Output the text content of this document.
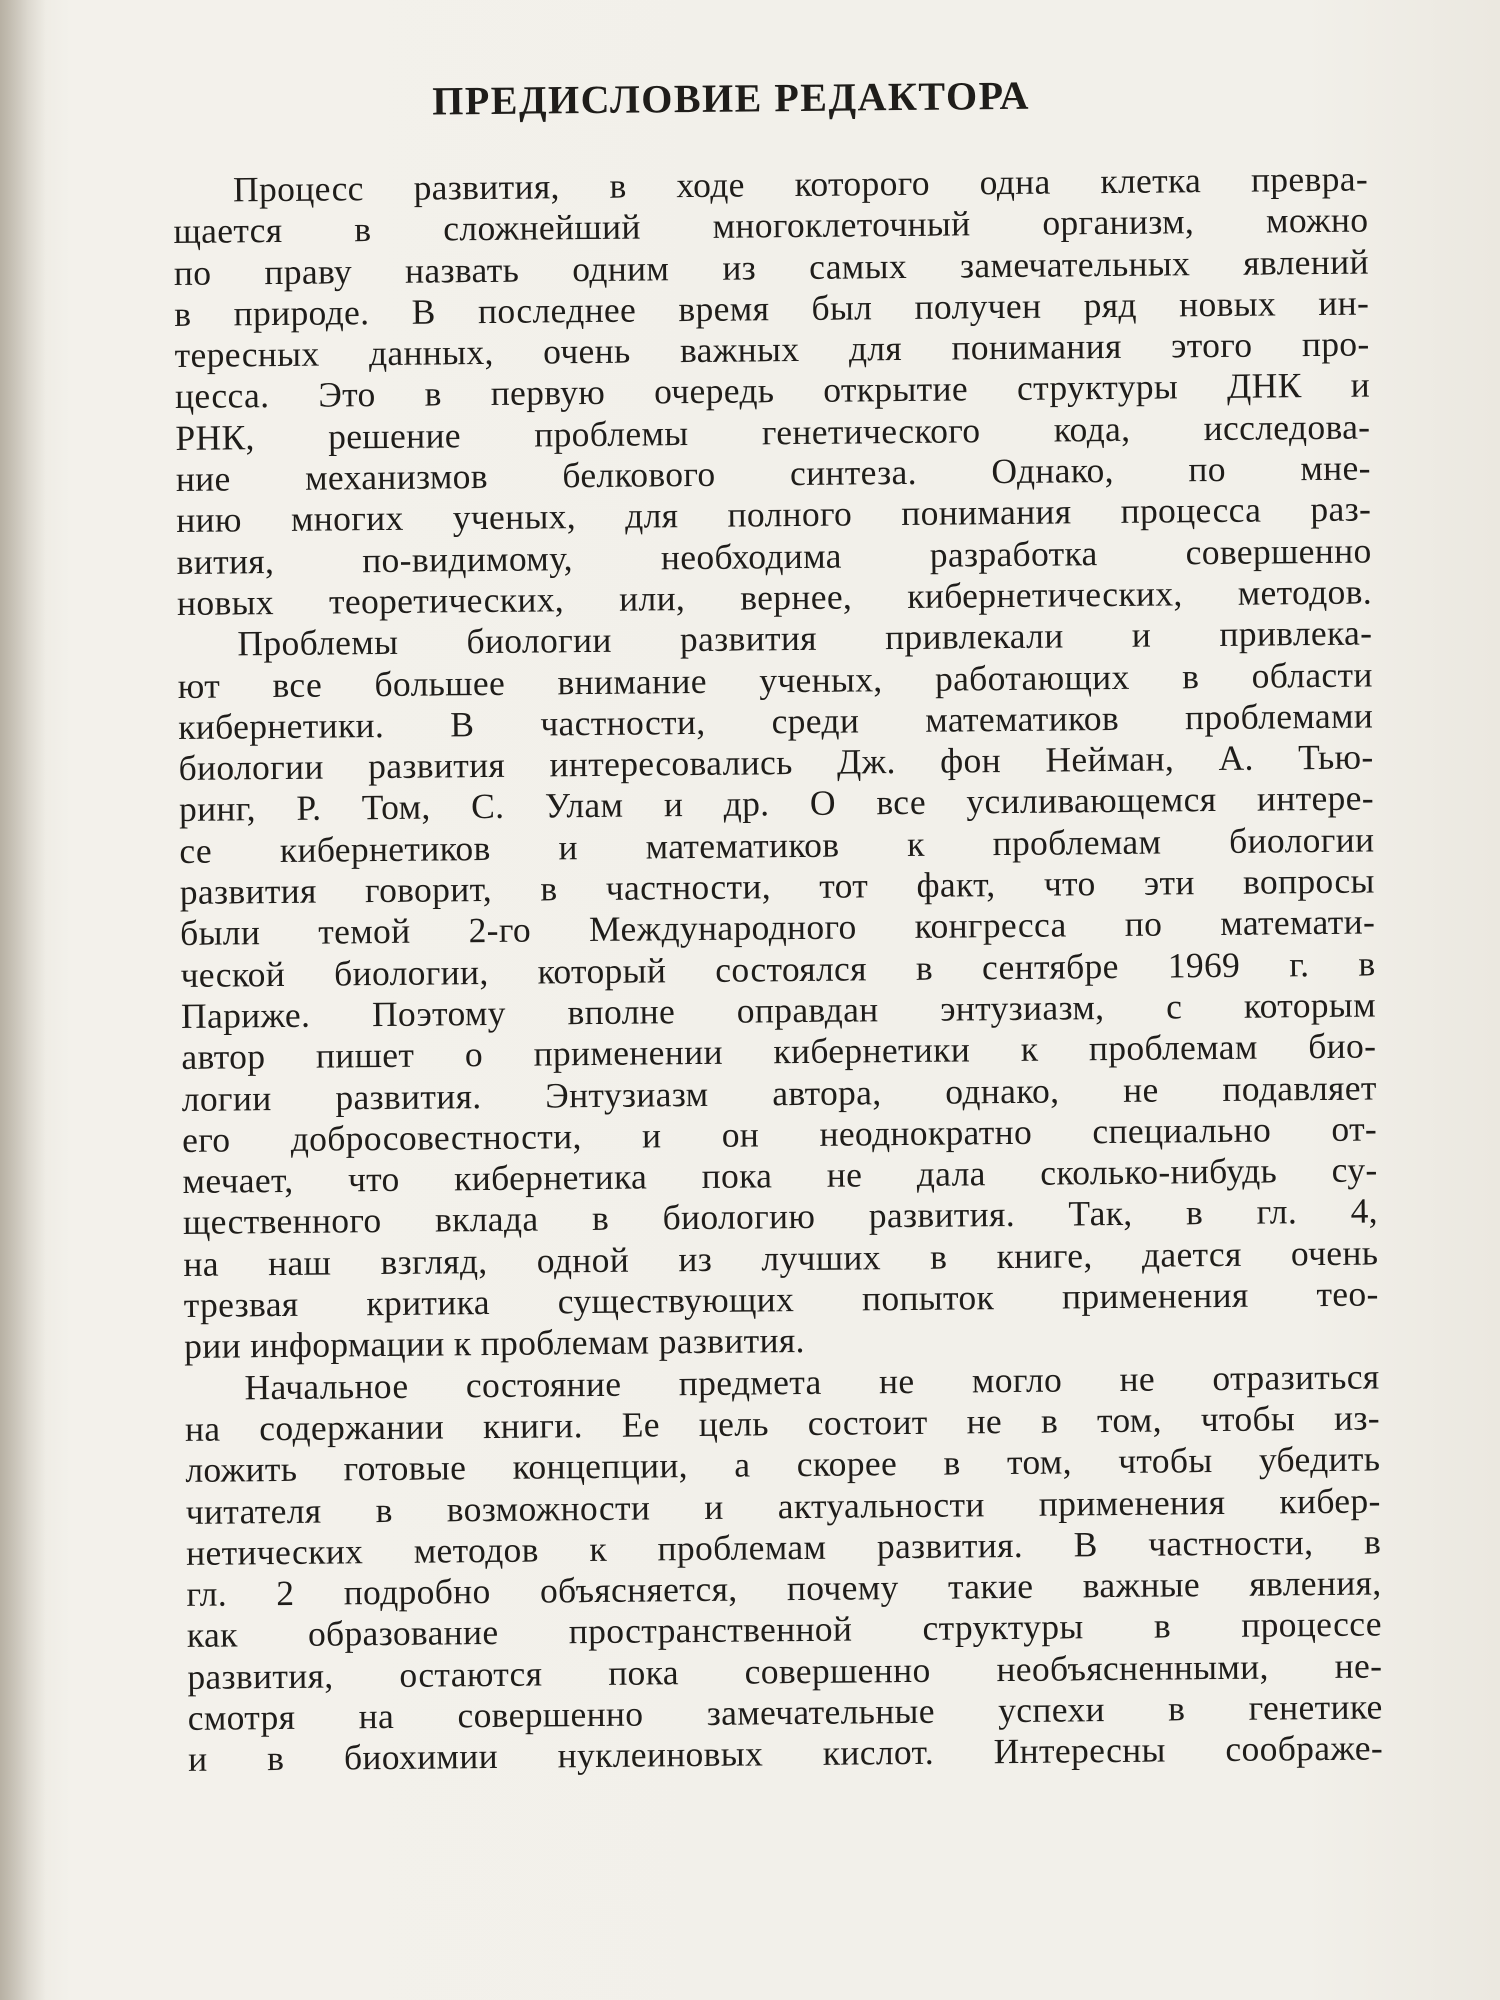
ПРЕДИСЛОВИЕ РЕДАКТОРА

Процесс развития, в ходе которого одна клетка превра-
щается в сложнейший многоклеточный организм, можно
по праву назвать одним из самых замечательных явлений
в природе. В последнее время был получен ряд новых ин-
тересных данных, очень важных для понимания этого про-
цесса. Это в первую очередь открытие структуры ДНК и
РНК, решение проблемы генетического кода, исследова-
ние механизмов белкового синтеза. Однако, по мне-
нию многих ученых, для полного понимания процесса раз-
вития, по-видимому, необходима разработка совершенно
новых теоретических, или, вернее, кибернетических, методов.

Проблемы биологии развития привлекали и привлека-
ют все большее внимание ученых, работающих в области
кибернетики. В частности, среди математиков проблемами
биологии развития интересовались Дж. фон Нейман, А. Тью-
ринг, Р. Том, С. Улам и др. О все усиливающемся интере-
се кибернетиков и математиков к проблемам биологии
развития говорит, в частности, тот факт, что эти вопросы
были темой 2-го Международного конгресса по математи-
ческой биологии, который состоялся в сентябре 1969 г. в
Париже. Поэтому вполне оправдан энтузиазм, с которым
автор пишет о применении кибернетики к проблемам био-
логии развития. Энтузиазм автора, однако, не подавляет
его добросовестности, и он неоднократно специально от-
мечает, что кибернетика пока не дала сколько-нибудь су-
щественного вклада в биологию развития. Так, в гл. 4,
на наш взгляд, одной из лучших в книге, дается очень
трезвая критика существующих попыток применения тео-
рии информации к проблемам развития.

Начальное состояние предмета не могло не отразиться
на содержании книги. Ее цель состоит не в том, чтобы из-
ложить готовые концепции, а скорее в том, чтобы убедить
читателя в возможности и актуальности применения кибер-
нетических методов к проблемам развития. В частности, в
гл. 2 подробно объясняется, почему такие важные явления,
как образование пространственной структуры в процессе
развития, остаются пока совершенно необъясненными, не-
смотря на совершенно замечательные успехи в генетике
и в биохимии нуклеиновых кислот. Интересны соображе-
